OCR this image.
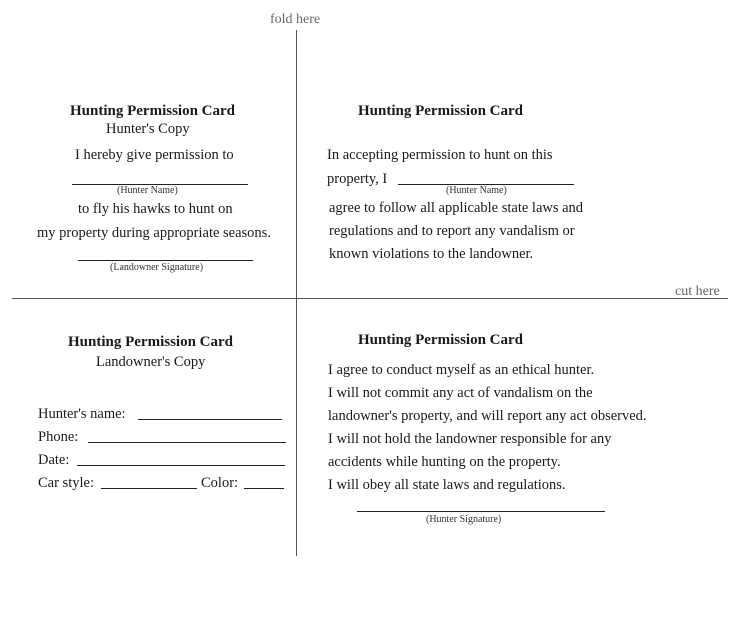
fold here
cut here
Hunting Permission Card
Hunter's Copy
I hereby give permission to
(Hunter Name)
to fly his hawks to hunt on
my property during appropriate seasons.
(Landowner Signature)
Hunting Permission Card
In accepting permission to hunt on this
property, I
(Hunter Name)
agree to follow all applicable state laws and
regulations and to report any vandalism or
known violations to the landowner.
Hunting Permission Card
Landowner's Copy
Hunter's name:
Phone:
Date:
Car style:	Color:
Hunting Permission Card
I agree to conduct myself as an ethical hunter.
I will not commit any act of vandalism on the
landowner's property, and will report any act observed.
I will not hold the landowner responsible for any
accidents while hunting on the property.
I will obey all state laws and regulations.
(Hunter Signature)
